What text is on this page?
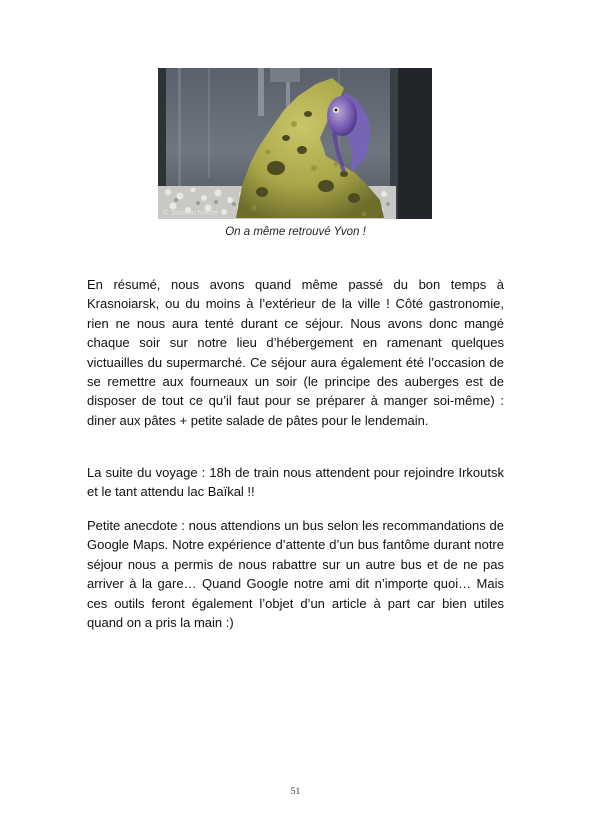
© Sirotechnote
On a même retrouvé Yvon !

En résumé, nous avons quand même passé du bon temps à Krasnoiarsk, ou du moins à l’extérieur de la ville ! Côté gastronomie, rien ne nous aura tenté durant ce séjour. Nous avons donc mangé chaque soir sur notre lieu d’hébergement en ramenant quelques victuailles du supermarché. Ce séjour aura également été l’occasion de se remettre aux fourneaux un soir (le principe des auberges est de disposer de tout ce qu’il faut pour se préparer à manger soi-même) : diner aux pâtes + petite salade de pâtes pour le lendemain.

La suite du voyage : 18h de train nous attendent pour rejoindre Irkoutsk et le tant attendu lac Baïkal !!

Petite anecdote : nous attendions un bus selon les recommandations de Google Maps. Notre expérience d’attente d’un bus fantôme durant notre séjour nous a permis de nous rabattre sur un autre bus et de ne pas arriver à la gare… Quand Google notre ami dit n’importe quoi… Mais ces outils feront également l’objet d’un article à part car bien utiles quand on a pris la main :)

51
